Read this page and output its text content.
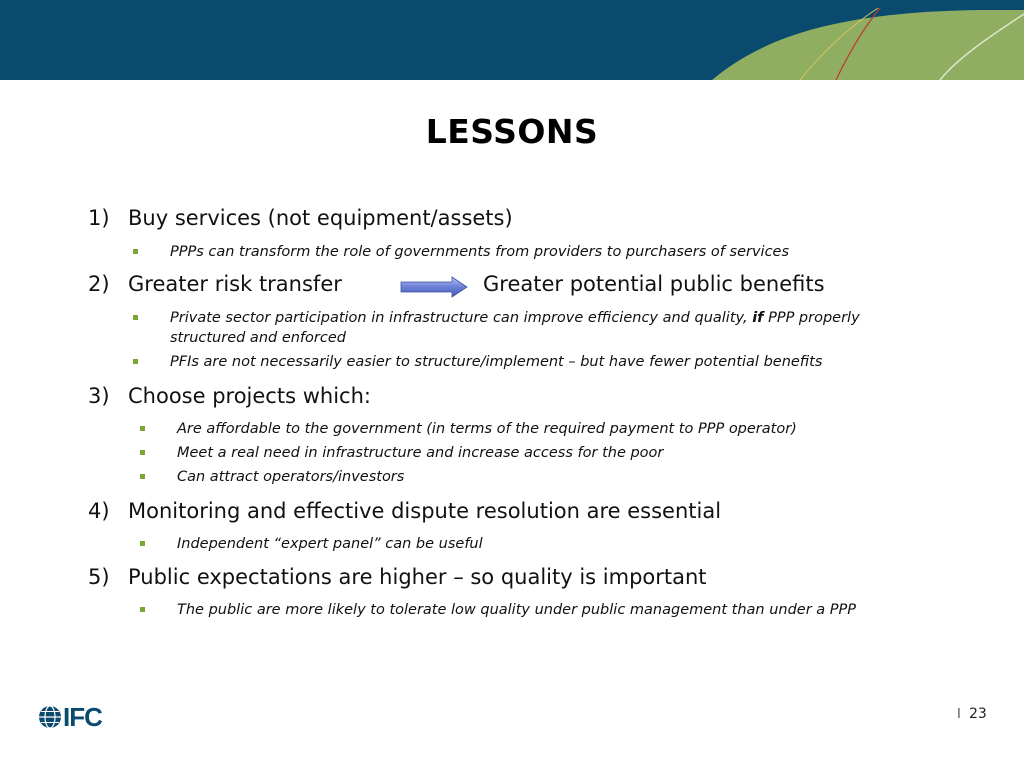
LESSONS
1) Buy services (not equipment/assets)
PPPs can transform the role of governments from providers to purchasers of services
2) Greater risk transfer	Greater potential public benefits
Private sector participation in infrastructure can improve efficiency and quality, if PPP properly
structured and enforced
PFIs are not necessarily easier to structure/implement – but have fewer potential benefits
3) Choose projects which:
Are affordable to the government (in terms of the required payment to PPP operator)
Meet a real need in infrastructure and increase access for the poor
Can attract operators/investors
4) Monitoring and effective dispute resolution are essential
Independent “expert panel” can be useful
5) Public expectations are higher – so quality is important
The public are more likely to tolerate low quality under public management than under a PPP
IFC	I 23
